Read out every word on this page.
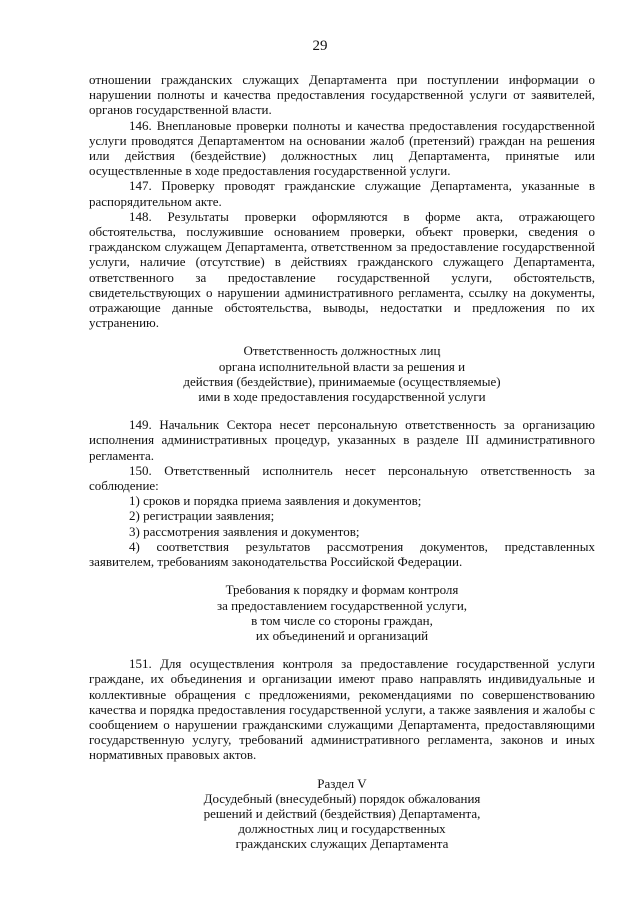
29

отношении гражданских служащих Департамента при поступлении информации о нарушении полноты и качества предоставления государственной услуги от заявителей, органов государственной власти.

146. Внеплановые проверки полноты и качества предоставления государственной услуги проводятся Департаментом на основании жалоб (претензий) граждан на решения или действия (бездействие) должностных лиц Департамента, принятые или осуществленные в ходе предоставления государственной услуги.

147. Проверку проводят гражданские служащие Департамента, указанные в распорядительном акте.

148. Результаты проверки оформляются в форме акта, отражающего обстоятельства, послужившие основанием проверки, объект проверки, сведения о гражданском служащем Департамента, ответственном за предоставление государственной услуги, наличие (отсутствие) в действиях гражданского служащего Департамента, ответственного за предоставление государственной услуги, обстоятельств, свидетельствующих о нарушении административного регламента, ссылку на документы, отражающие данные обстоятельства, выводы, недостатки и предложения по их устранению.

Ответственность должностных лиц
органа исполнительной власти за решения и
действия (бездействие), принимаемые (осуществляемые)
ими в ходе предоставления государственной услуги

149. Начальник Сектора несет персональную ответственность за организацию исполнения административных процедур, указанных в разделе III административного регламента.

150. Ответственный исполнитель несет персональную ответственность за соблюдение:

1) сроков и порядка приема заявления и документов;

2) регистрации заявления;

3) рассмотрения заявления и документов;

4) соответствия результатов рассмотрения документов, представленных заявителем, требованиям законодательства Российской Федерации.

Требования к порядку и формам контроля
за предоставлением государственной услуги,
в том числе со стороны граждан,
их объединений и организаций

151. Для осуществления контроля за предоставление государственной услуги граждане, их объединения и организации имеют право направлять индивидуальные и коллективные обращения с предложениями, рекомендациями по совершенствованию качества и порядка предоставления государственной услуги, а также заявления и жалобы с сообщением о нарушении гражданскими служащими Департамента, предоставляющими государственную услугу, требований административного регламента, законов и иных нормативных правовых актов.

Раздел V
Досудебный (внесудебный) порядок обжалования
решений и действий (бездействия) Департамента,
должностных лиц и государственных
гражданских служащих Департамента
